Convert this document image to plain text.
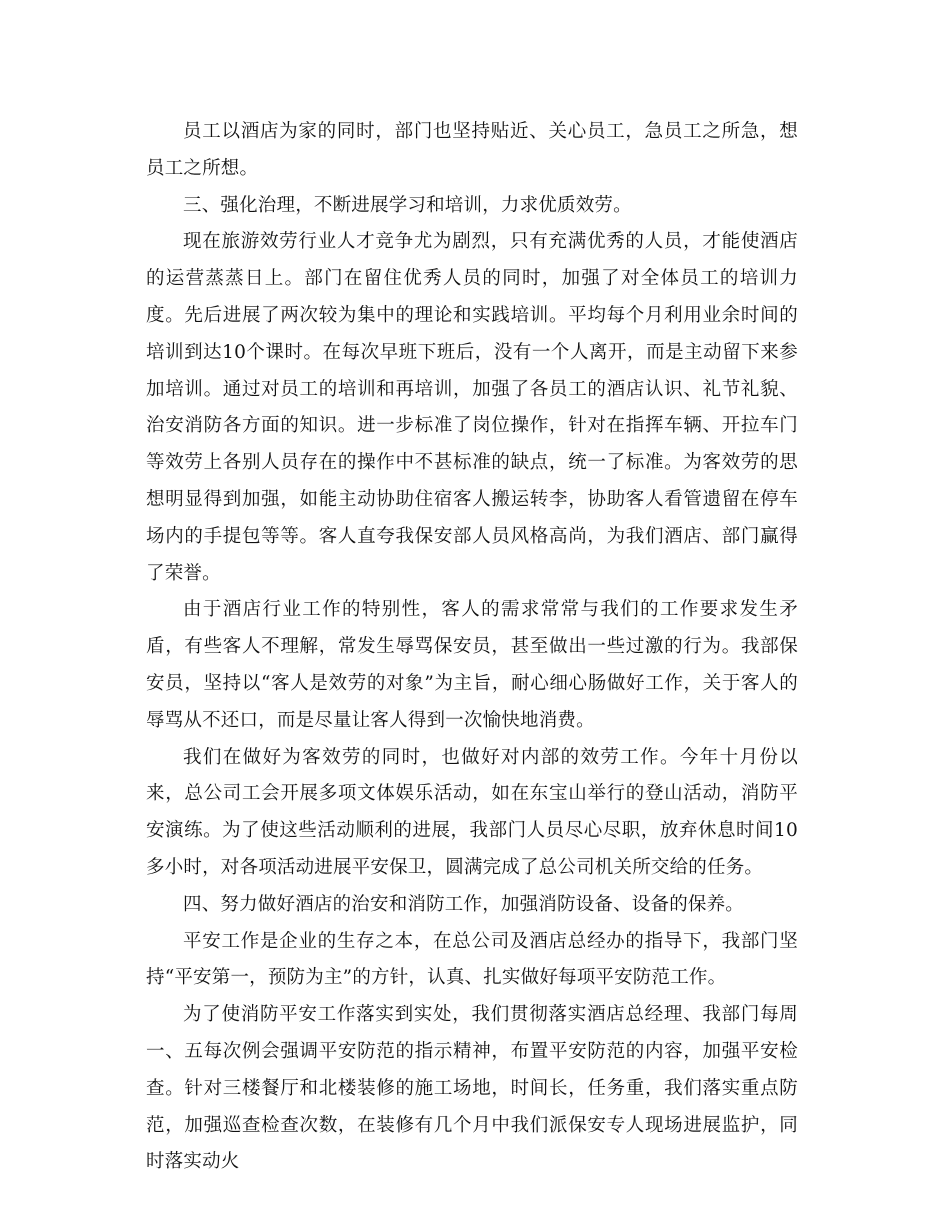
员工以酒店为家的同时，部门也坚持贴近、关心员工，急员工之所急，想员工之所想。

三、强化治理，不断进展学习和培训，力求优质效劳。

现在旅游效劳行业人才竞争尤为剧烈，只有充满优秀的人员，才能使酒店的运营蒸蒸日上。部门在留住优秀人员的同时，加强了对全体员工的培训力度。先后进展了两次较为集中的理论和实践培训。平均每个月利用业余时间的培训到达10个课时。在每次早班下班后，没有一个人离开，而是主动留下来参加培训。通过对员工的培训和再培训，加强了各员工的酒店认识、礼节礼貌、治安消防各方面的知识。进一步标准了岗位操作，针对在指挥车辆、开拉车门等效劳上各别人员存在的操作中不甚标准的缺点，统一了标准。为客效劳的思想明显得到加强，如能主动协助住宿客人搬运转李，协助客人看管遗留在停车场内的手提包等等。客人直夸我保安部人员风格高尚，为我们酒店、部门赢得了荣誉。

由于酒店行业工作的特别性，客人的需求常常与我们的工作要求发生矛盾，有些客人不理解，常发生辱骂保安员，甚至做出一些过激的行为。我部保安员，坚持以“客人是效劳的对象”为主旨，耐心细心肠做好工作，关于客人的辱骂从不还口，而是尽量让客人得到一次愉快地消费。

我们在做好为客效劳的同时，也做好对内部的效劳工作。今年十月份以来，总公司工会开展多项文体娱乐活动，如在东宝山举行的登山活动，消防平安演练。为了使这些活动顺利的进展，我部门人员尽心尽职，放弃休息时间10多小时，对各项活动进展平安保卫，圆满完成了总公司机关所交给的任务。

四、努力做好酒店的治安和消防工作，加强消防设备、设备的保养。

平安工作是企业的生存之本，在总公司及酒店总经办的指导下，我部门坚持“平安第一，预防为主”的方针，认真、扎实做好每项平安防范工作。

为了使消防平安工作落实到实处，我们贯彻落实酒店总经理、我部门每周一、五每次例会强调平安防范的指示精神，布置平安防范的内容，加强平安检查。针对三楼餐厅和北楼装修的施工场地，时间长，任务重，我们落实重点防范，加强巡查检查次数，在装修有几个月中我们派保安专人现场进展监护，同时落实动火
